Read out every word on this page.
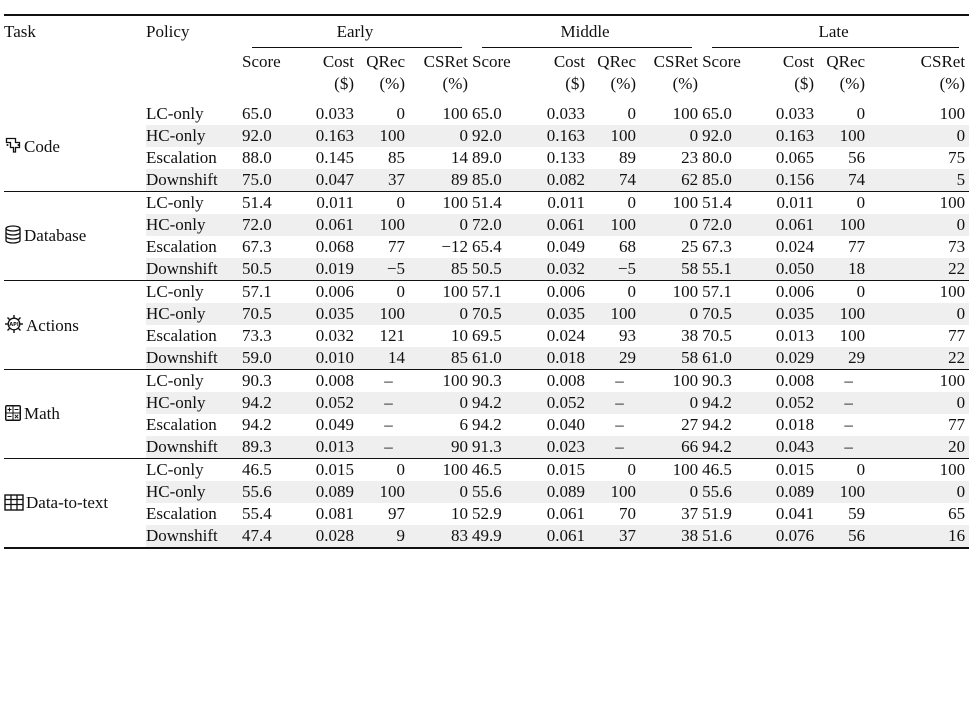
Task	Policy	Early				Middle				Late			

		Score	Cost	QRec	CSRet	Score	Cost	QRec	CSRet	Score	Cost	QRec	CSRet
			($)	(%)	(%)		($)	(%)	(%)		($)	(%)	(%)

Code	LC-only	65.0	0.033	0	100	65.0	0.033	0	100	65.0	0.033	0	100
	HC-only	92.0	0.163	100	0	92.0	0.163	100	0	92.0	0.163	100	0
	Escalation	88.0	0.145	85	14	89.0	0.133	89	23	80.0	0.065	56	75
	Downshift	75.0	0.047	37	89	85.0	0.082	74	62	85.0	0.156	74	5
Database	LC-only	51.4	0.011	0	100	51.4	0.011	0	100	51.4	0.011	0	100
	HC-only	72.0	0.061	100	0	72.0	0.061	100	0	72.0	0.061	100	0
	Escalation	67.3	0.068	77	−12	65.4	0.049	68	25	67.3	0.024	77	73
	Downshift	50.5	0.019	−5	85	50.5	0.032	−5	58	55.1	0.050	18	22

API Actions	LC-only	57.1	0.006	0	100	57.1	0.006	0	100	57.1	0.006	0	100
	HC-only	70.5	0.035	100	0	70.5	0.035	100	0	70.5	0.035	100	0
	Escalation	73.3	0.032	121	10	69.5	0.024	93	38	70.5	0.013	100	77
	Downshift	59.0	0.010	14	85	61.0	0.018	29	58	61.0	0.029	29	22
Math	LC-only	90.3	0.008	–	100	90.3	0.008	–	100	90.3	0.008	–	100
	HC-only	94.2	0.052	–	0	94.2	0.052	–	0	94.2	0.052	–	0
	Escalation	94.2	0.049	–	6	94.2	0.040	–	27	94.2	0.018	–	77
	Downshift	89.3	0.013	–	90	91.3	0.023	–	66	94.2	0.043	–	20
Data-to-text	LC-only	46.5	0.015	0	100	46.5	0.015	0	100	46.5	0.015	0	100
	HC-only	55.6	0.089	100	0	55.6	0.089	100	0	55.6	0.089	100	0
	Escalation	55.4	0.081	97	10	52.9	0.061	70	37	51.9	0.041	59	65
	Downshift	47.4	0.028	9	83	49.9	0.061	37	38	51.6	0.076	56	16
